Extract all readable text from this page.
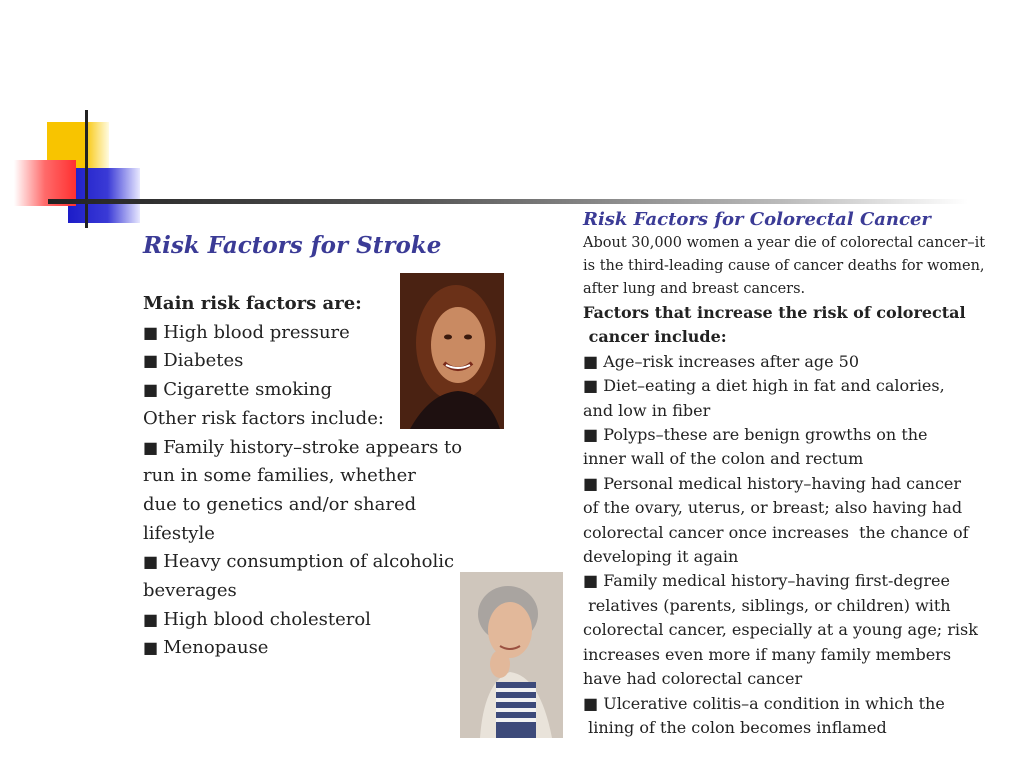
Risk Factors for Stroke
Main risk factors are:
■ High blood pressure
■ Diabetes
■ Cigarette smoking
Other risk factors include:
■ Family history–stroke appears to
run in some families, whether
due to genetics and/or shared
lifestyle
■ Heavy consumption of alcoholic
beverages
■ High blood cholesterol
■ Menopause
Risk Factors for Colorectal Cancer
About 30,000 women a year die of colorectal cancer–it
is the third-leading cause of cancer deaths for women,
after lung and breast cancers.
Factors that increase the risk of colorectal
cancer include:
■ Age–risk increases after age 50
■ Diet–eating a diet high in fat and calories,
and low in fiber
■ Polyps–these are benign growths on the
inner wall of the colon and rectum
■ Personal medical history–having had cancer
of the ovary, uterus, or breast; also having had
colorectal cancer once increases  the chance of
developing it again
■ Family medical history–having first-degree
relatives (parents, siblings, or children) with
colorectal cancer, especially at a young age; risk
increases even more if many family members
have had colorectal cancer
■ Ulcerative colitis–a condition in which the
lining of the colon becomes inflamed
